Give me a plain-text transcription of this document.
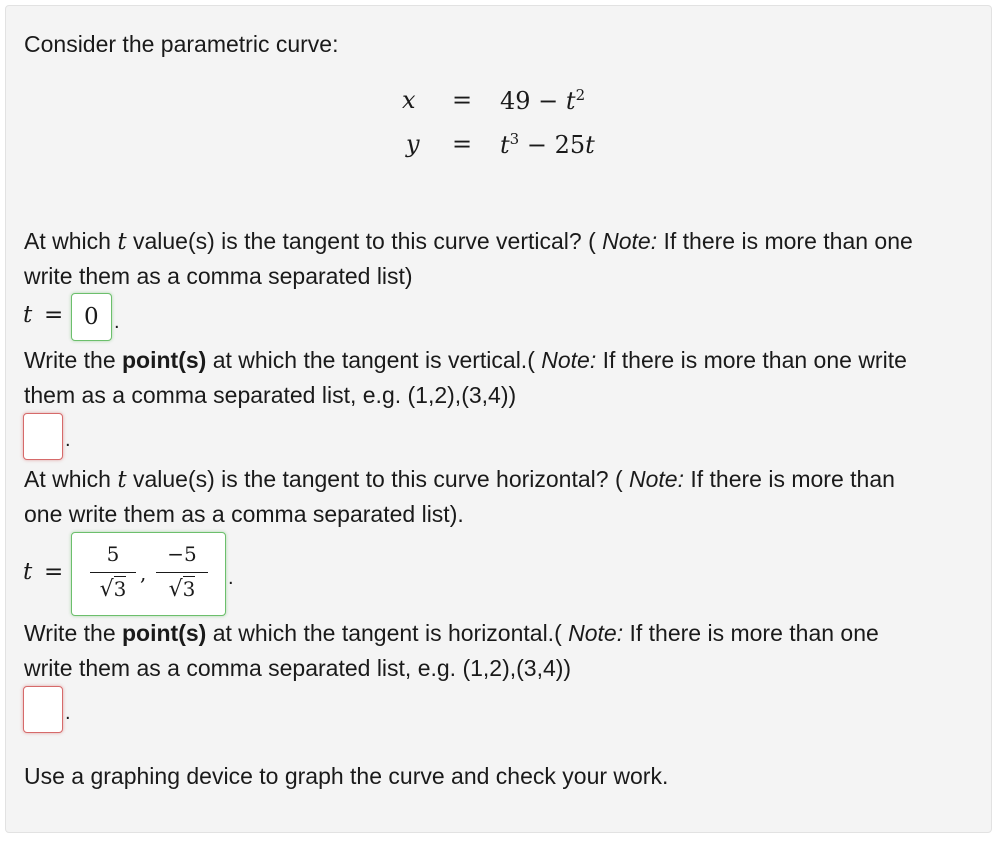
Consider the parametric curve:
$x = 49 - t^2$
$y = t^3 - 25t$
At which t value(s) is the tangent to this curve vertical? ( Note: If there is more than one
write them as a comma separated list)
t = 0 .
Write the point(s) at which the tangent is vertical.( Note: If there is more than one write
them as a comma separated list, e.g. (1,2),(3,4))
.
At which t value(s) is the tangent to this curve horizontal? ( Note: If there is more than
one write them as a comma separated list).
t =
5
√3
,
−5
√3	.
Write the point(s) at which the tangent is horizontal.( Note: If there is more than one
write them as a comma separated list, e.g. (1,2),(3,4))
.
Use a graphing device to graph the curve and check your work.
